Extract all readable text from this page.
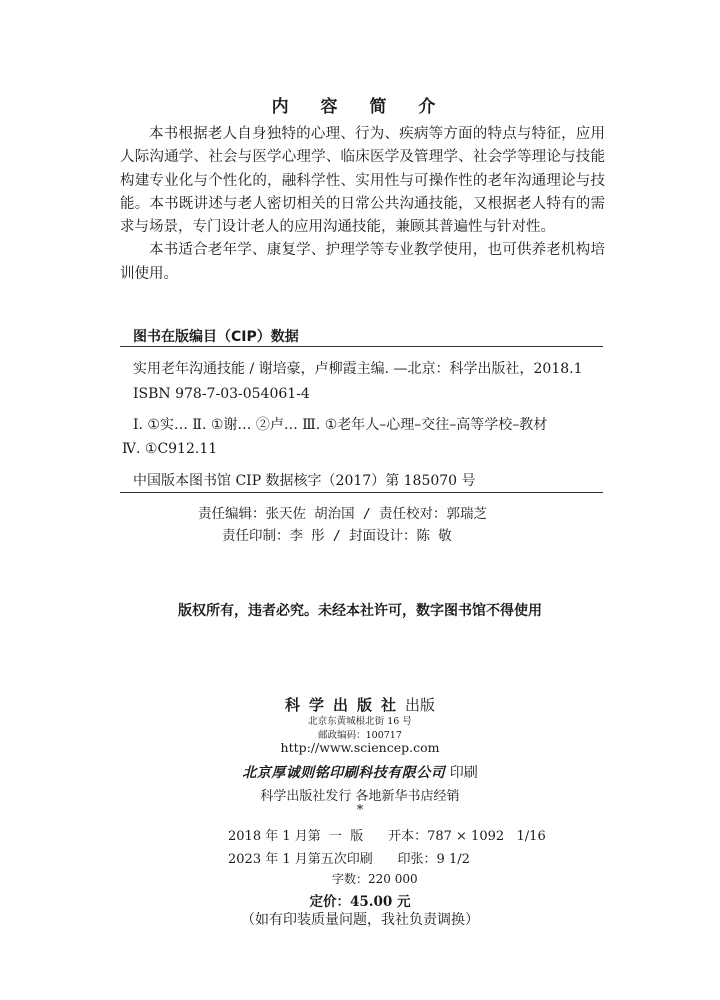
内 容 简 介

本书根据老人自身独特的心理、行为、疾病等方面的特点与特征，应用人际沟通学、社会与医学心理学、临床医学及管理学、社会学等理论与技能构建专业化与个性化的，融科学性、实用性与可操作性的老年沟通理论与技能。本书既讲述与老人密切相关的日常公共沟通技能，又根据老人特有的需求与场景，专门设计老人的应用沟通技能，兼顾其普遍性与针对性。

本书适合老年学、康复学、护理学等专业教学使用，也可供养老机构培训使用。

图书在版编目（CIP）数据
实用老年沟通技能 / 谢培豪，卢柳霞主编. —北京：科学出版社，2018.1
ISBN 978-7-03-054061-4
Ⅰ. ①实… Ⅱ. ①谢… ②卢… Ⅲ. ①老年人–心理–交往–高等学校–教材
Ⅳ. ①C912.11
中国版本图书馆 CIP 数据核字（2017）第 185070 号
责任编辑：张天佐 胡治国 / 责任校对：郭瑞芝
责任印制：李 彤 / 封面设计：陈 敬
版权所有，违者必究。未经本社许可，数字图书馆不得使用
科学出版社出版
北京东黄城根北街 16 号
邮政编码：100717
http://www.sciencep.com
北京厚诚则铭印刷科技有限公司 印刷
科学出版社发行 各地新华书店经销
*
2018 年 1 月第  一  版      开本：787 × 1092   1/16
2023 年 1 月第五次印刷      印张：9 1/2
字数：220 000
定价：45.00 元
（如有印装质量问题，我社负责调换）
